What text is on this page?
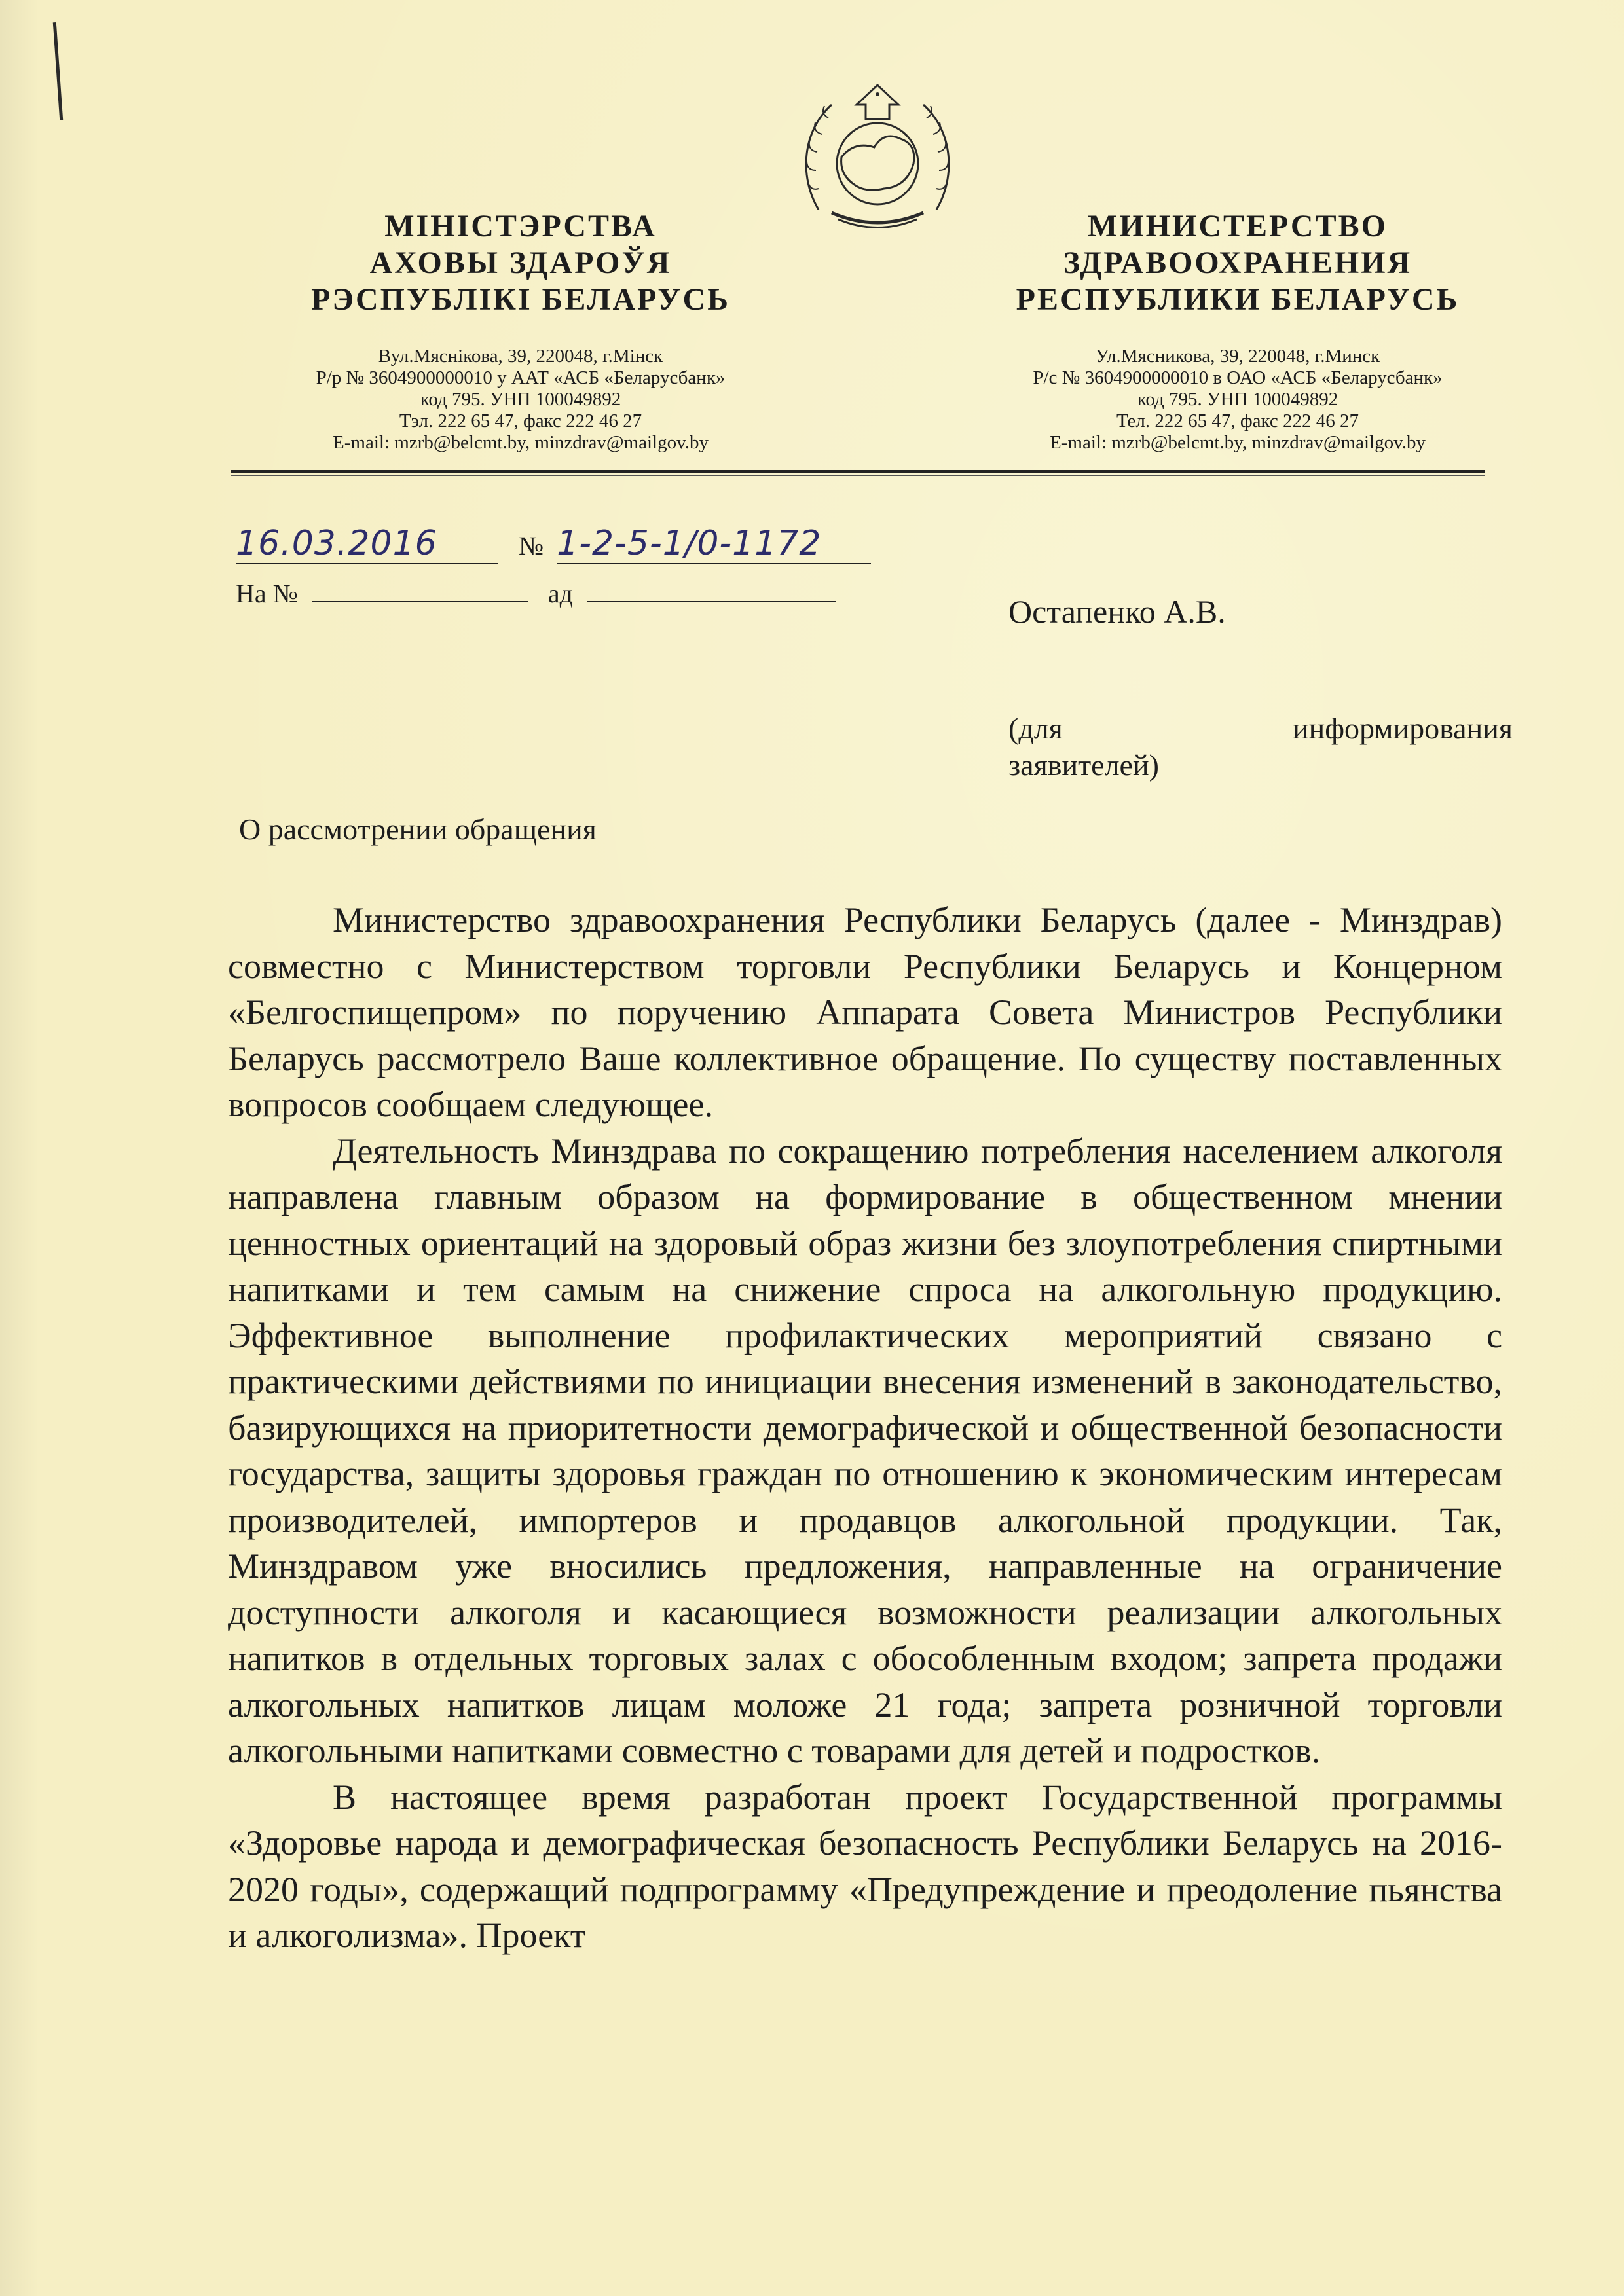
МІНІСТЭРСТВА
АХОВЫ ЗДАРОЎЯ
РЭСПУБЛІКІ БЕЛАРУСЬ
МИНИСТЕРСТВО
ЗДРАВООХРАНЕНИЯ
РЕСПУБЛИКИ БЕЛАРУСЬ
Вул.Мяснікова, 39, 220048, г.Мінск
Р/р № 3604900000010 у ААТ «АСБ «Беларусбанк»
код 795. УНП 100049892
Тэл. 222 65 47, факс 222 46 27
E-mail: mzrb@belcmt.by, minzdrav@mailgov.by
Ул.Мясникова, 39, 220048, г.Минск
Р/с № 3604900000010 в ОАО «АСБ «Беларусбанк»
код 795. УНП 100049892
Тел. 222 65 47, факс 222 46 27
E-mail: mzrb@belcmt.by, minzdrav@mailgov.by
16.03.2016	№ 1-2-5-1/0-1172
На №	ад	Остапенко А.В.
(для	информирования
заявителей)
О рассмотрении обращения

Министерство здравоохранения Республики Беларусь (далее - Минздрав) совместно с Министерством торговли Республики Беларусь и Концерном «Белгоспищепром» по поручению Аппарата Совета Министров Республики Беларусь рассмотрело Ваше коллективное обращение. По существу поставленных вопросов сообщаем следующее.

Деятельность Минздрава по сокращению потребления населением алкоголя направлена главным образом на формирование в общественном мнении ценностных ориентаций на здоровый образ жизни без злоупотребления спиртными напитками и тем самым на снижение спроса на алкогольную продукцию. Эффективное выполнение профилактических мероприятий связано с практическими действиями по инициации внесения изменений в законодательство, базирующихся на приоритетности демографической и общественной безопасности государства, защиты здоровья граждан по отношению к экономическим интересам производителей, импортеров и продавцов алкогольной продукции. Так, Минздравом уже вносились предложения, направленные на ограничение доступности алкоголя и касающиеся возможности реализации алкогольных напитков в отдельных торговых залах с обособленным входом; запрета продажи алкогольных напитков лицам моложе 21 года; запрета розничной торговли алкогольными напитками совместно с товарами для детей и подростков.

В настоящее время разработан проект Государственной программы «Здоровье народа и демографическая безопасность Республики Беларусь на 2016-2020 годы», содержащий подпрограмму «Предупреждение и преодоление пьянства и алкоголизма». Проект
